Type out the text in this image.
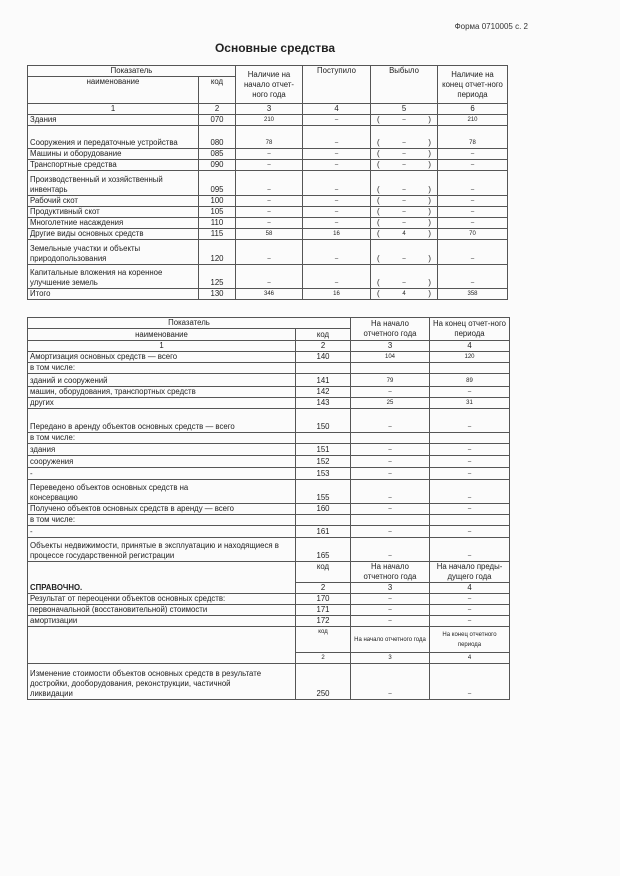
Форма 0710005 с. 2
Основные средства
Показатель		Наличие на начало отчет-ного года	Поступило	Выбыло	Наличие на конец отчет-ного периода
наименование	код				
1	2	3	4	5	6
Здания	070	210	–	( – )	210
Сооружения и передаточные устройства	080	78	–	( – )	78
Машины и оборудование	085	–	–	( – )	–
Транспортные средства	090	–	–	( – )	–
Производственный и хозяйственный инвентарь	095	–	–	( – )	–
Рабочий скот	100	–	–	( – )	–
Продуктивный скот	105	–	–	( – )	–
Многолетние насаждения	110	–	–	( – )	–
Другие виды основных средств	115	58	16	( 4 )	70
Земельные участки и объекты природопользования	120	–	–	( – )	–
Капитальные вложения на коренное улучшение земель	125	–	–	( – )	–
Итого	130	346	16	( 4 )	358
Показатель		На начало отчетного года	На конец отчет-ного периода
наименование	код		
1	2	3	4
Амортизация основных средств — всего	140	104	120
в том числе:			
зданий и сооружений	141	79	89
машин, оборудования, транспортных средств	142	–	–
других	143	25	31
Передано в аренду объектов основных средств — всего	150	–	–
в том числе:			
здания	151	–	–
сооружения	152	–	–
-	153	–	–
Переведено объектов основных средств на консервацию	155	–	–
Получено объектов основных средств в аренду — всего	160	–	–
в том числе:			
-	161	–	–
Объекты недвижимости, принятые в эксплуатацию и находящиеся в процессе государственной регистрации	165	–	–
СПРАВОЧНО.	код	На начало отчетного года	На начало преды-дущего года
	2	3	4
Результат от переоценки объектов основных средств:	170	–	–
первоначальной (восстановительной) стоимости	171	–	–
амортизации	172	–	–
	код	На начало отчетного года	На конец отчетного периода
	2	3	4
Изменение стоимости объектов основных средств в результате достройки, дооборудования, реконструкции, частичной ликвидации	250	–	–
